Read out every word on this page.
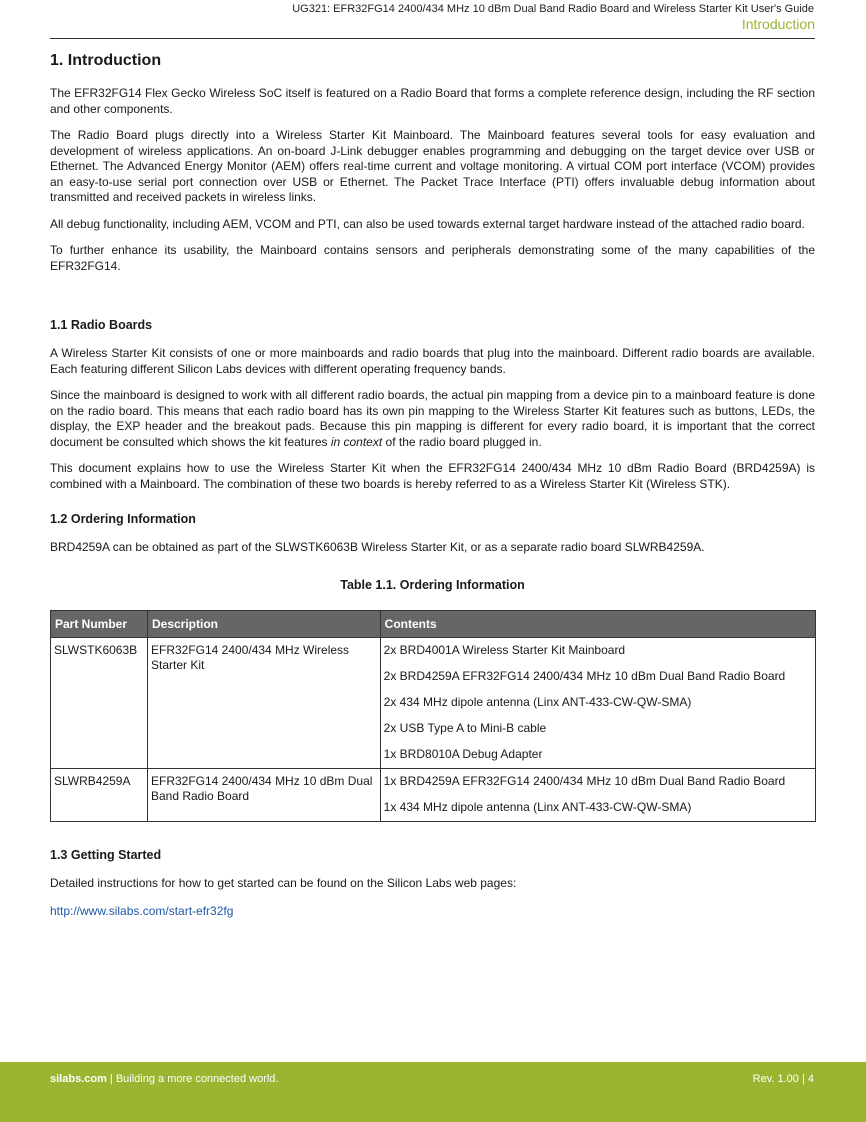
UG321: EFR32FG14 2400/434 MHz 10 dBm Dual Band Radio Board and Wireless Starter Kit User's Guide
Introduction
1. Introduction

The EFR32FG14 Flex Gecko Wireless SoC itself is featured on a Radio Board that forms a complete reference design, including the RF section and other components.

The Radio Board plugs directly into a Wireless Starter Kit Mainboard. The Mainboard features several tools for easy evaluation and development of wireless applications. An on-board J-Link debugger enables programming and debugging on the target device over USB or Ethernet. The Advanced Energy Monitor (AEM) offers real-time current and voltage monitoring. A virtual COM port interface (VCOM) provides an easy-to-use serial port connection over USB or Ethernet. The Packet Trace Interface (PTI) offers invaluable debug information about transmitted and received packets in wireless links.

All debug functionality, including AEM, VCOM and PTI, can also be used towards external target hardware instead of the attached radio board.

To further enhance its usability, the Mainboard contains sensors and peripherals demonstrating some of the many capabilities of the EFR32FG14.

1.1 Radio Boards

A Wireless Starter Kit consists of one or more mainboards and radio boards that plug into the mainboard. Different radio boards are available. Each featuring different Silicon Labs devices with different operating frequency bands.

Since the mainboard is designed to work with all different radio boards, the actual pin mapping from a device pin to a mainboard feature is done on the radio board. This means that each radio board has its own pin mapping to the Wireless Starter Kit features such as buttons, LEDs, the display, the EXP header and the breakout pads. Because this pin mapping is different for every radio board, it is important that the correct document be consulted which shows the kit features in context of the radio board plugged in.

This document explains how to use the Wireless Starter Kit when the EFR32FG14 2400/434 MHz 10 dBm Radio Board (BRD4259A) is combined with a Mainboard. The combination of these two boards is hereby referred to as a Wireless Starter Kit (Wireless STK).

1.2 Ordering Information

BRD4259A can be obtained as part of the SLWSTK6063B Wireless Starter Kit, or as a separate radio board SLWRB4259A.

Table 1.1. Ordering Information
Part Number	Description	Contents
SLWSTK6063B	EFR32FG14 2400/434 MHz Wireless Starter Kit	2x BRD4001A Wireless Starter Kit Mainboard
2x BRD4259A EFR32FG14 2400/434 MHz 10 dBm Dual Band Radio Board
2x 434 MHz dipole antenna (Linx ANT-433-CW-QW-SMA)
2x USB Type A to Mini-B cable
1x BRD8010A Debug Adapter

SLWRB4259A	EFR32FG14 2400/434 MHz 10 dBm Dual Band Radio Board	1x BRD4259A EFR32FG14 2400/434 MHz 10 dBm Dual Band Radio Board
1x 434 MHz dipole antenna (Linx ANT-433-CW-QW-SMA)
1.3 Getting Started

Detailed instructions for how to get started can be found on the Silicon Labs web pages:

http://www.silabs.com/start-efr32fg
silabs.com | Building a more connected world.	Rev. 1.00 | 4
